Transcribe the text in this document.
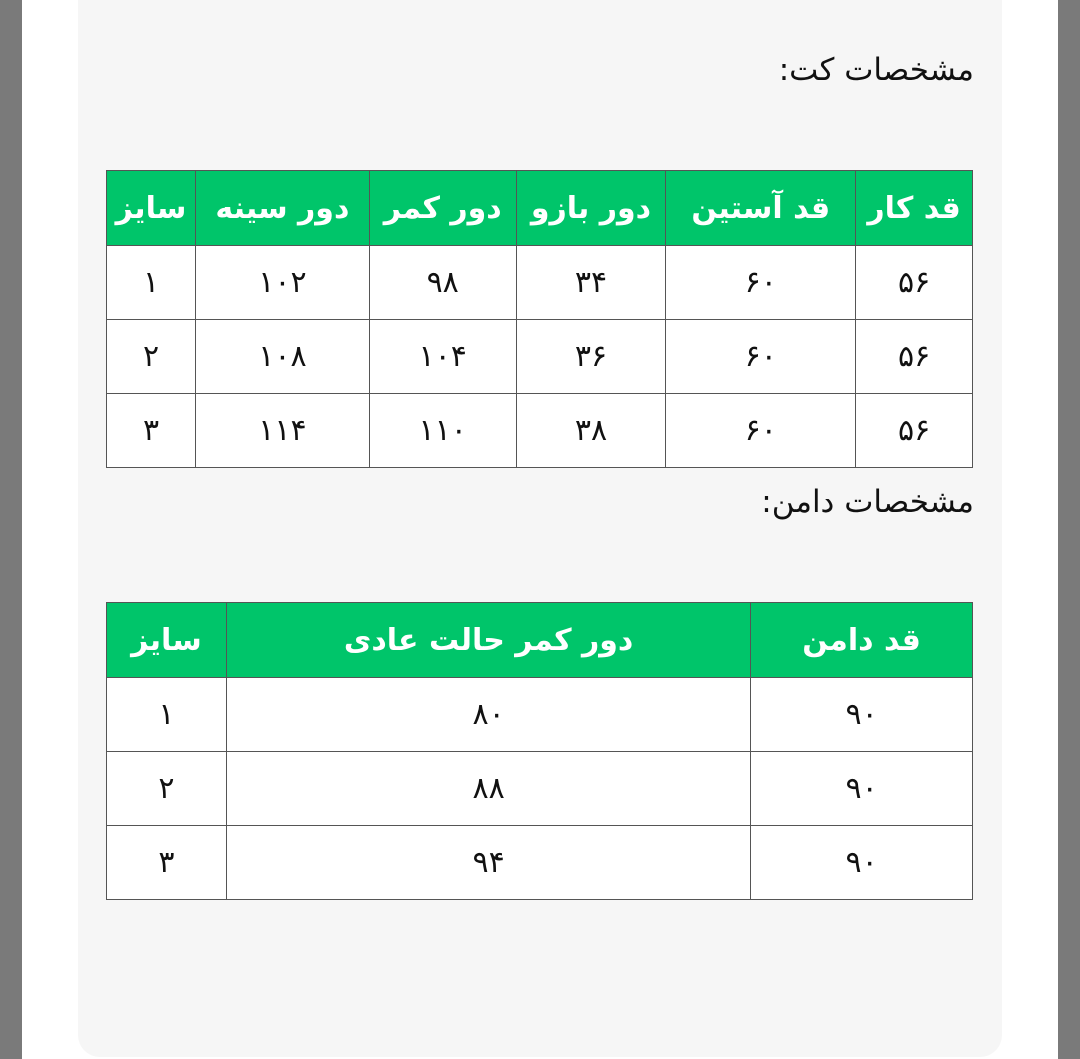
مشخصات کت:
قد کار	قد آستین	دور بازو	دور کمر	دور سینه	سایز
۵۶	۶۰	۳۴	۹۸	۱۰۲	۱
۵۶	۶۰	۳۶	۱۰۴	۱۰۸	۲
۵۶	۶۰	۳۸	۱۱۰	۱۱۴	۳
مشخصات دامن:
قد دامن	دور کمر حالت عادی	سایز
۹۰	۸۰	۱
۹۰	۸۸	۲
۹۰	۹۴	۳
